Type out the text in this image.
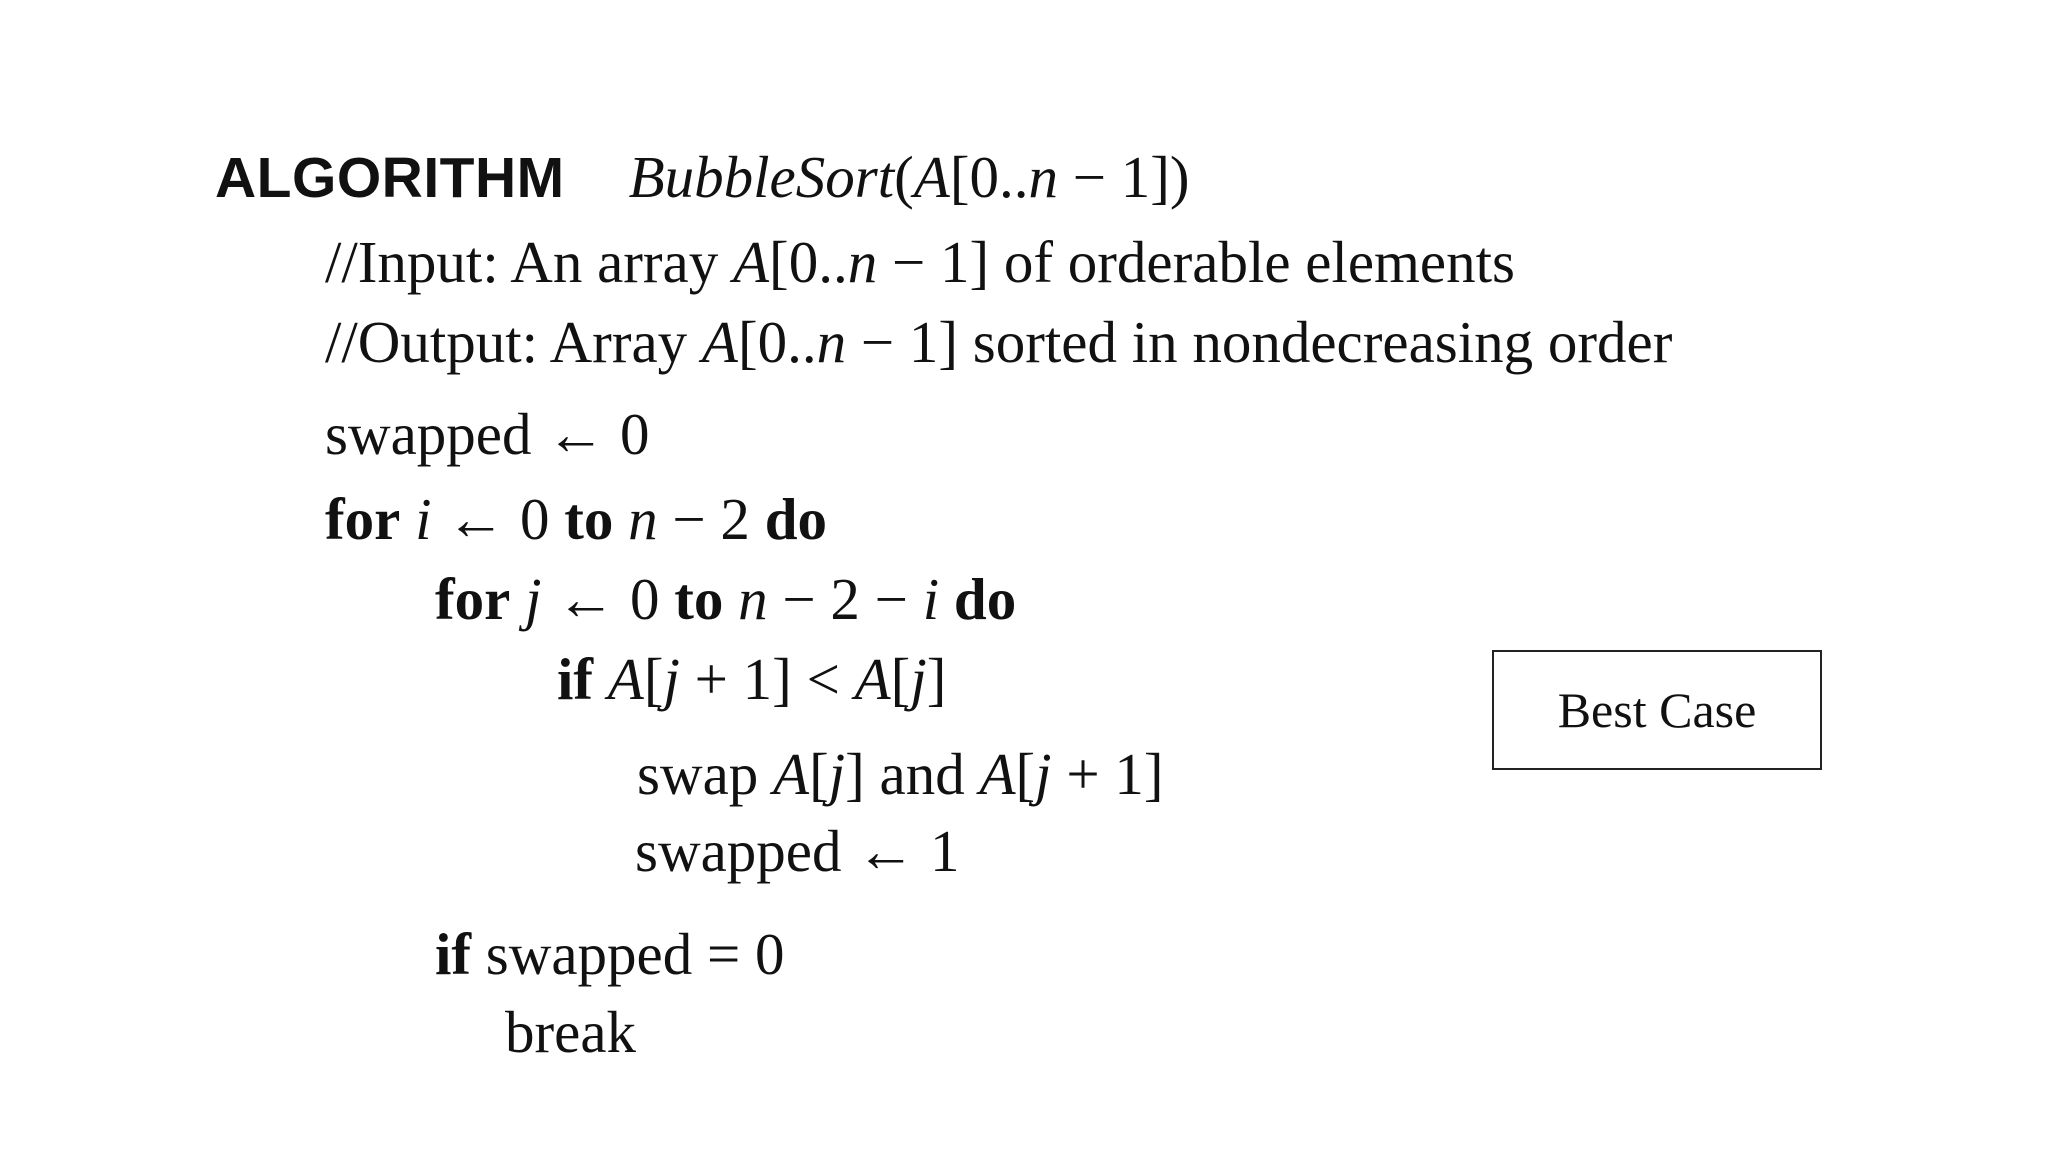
ALGORITHM BubbleSort(A[0..n − 1])
//Input: An array A[0..n − 1] of orderable elements
//Output: Array A[0..n − 1] sorted in nondecreasing order
swapped ← 0
for i ← 0 to n − 2 do
for j ← 0 to n − 2 − i do
if A[j + 1] < A[j]
swap A[j] and A[j + 1]
swapped ← 1
if swapped = 0
break
Best Case
